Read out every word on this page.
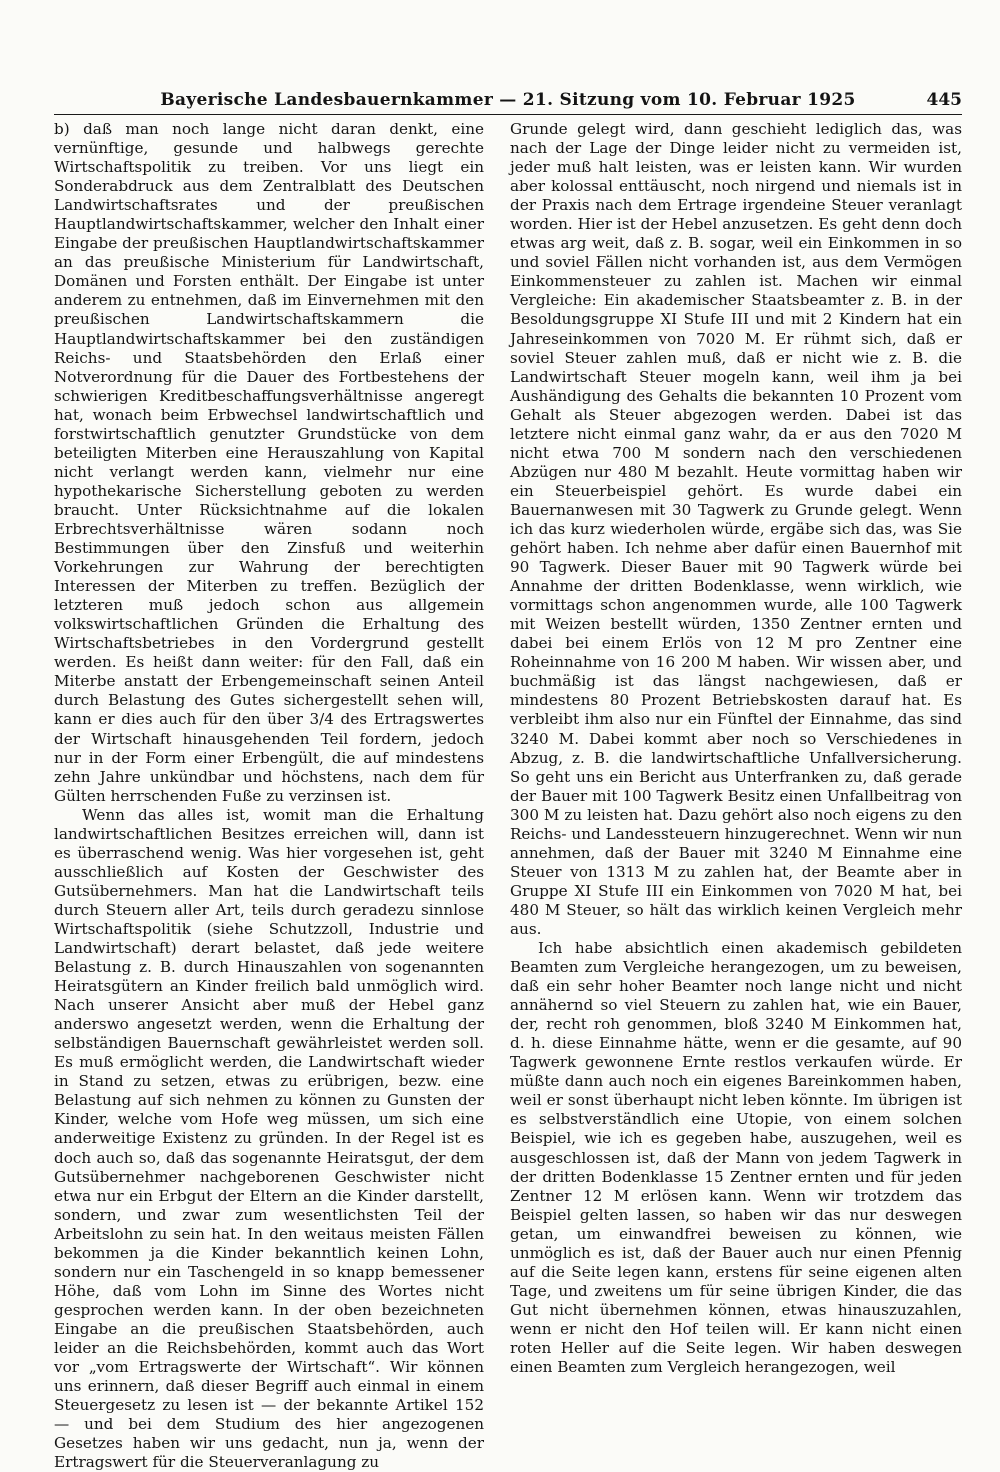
Bayerische Landesbauernkammer — 21. Sitzung vom 10. Februar 1925	445

b) daß man noch lange nicht daran denkt, eine vernünftige, gesunde und halbwegs gerechte Wirtschaftspolitik zu treiben. Vor uns liegt ein Sonderabdruck aus dem Zentralblatt des Deutschen Landwirtschaftsrates und der preußischen Hauptlandwirtschaftskammer, welcher den Inhalt einer Eingabe der preußischen Hauptlandwirtschaftskammer an das preußische Ministerium für Landwirtschaft, Domänen und Forsten enthält. Der Eingabe ist unter anderem zu entnehmen, daß im Einvernehmen mit den preußischen Landwirtschaftskammern die Hauptlandwirtschaftskammer bei den zuständigen Reichs- und Staatsbehörden den Erlaß einer Notverordnung für die Dauer des Fortbestehens der schwierigen Kreditbeschaffungsverhältnisse angeregt hat, wonach beim Erbwechsel landwirtschaftlich und forstwirtschaftlich genutzter Grundstücke von dem beteiligten Miterben eine Herauszahlung von Kapital nicht verlangt werden kann, vielmehr nur eine hypothekarische Sicherstellung geboten zu werden braucht. Unter Rücksichtnahme auf die lokalen Erbrechtsverhältnisse wären sodann noch Bestimmungen über den Zinsfuß und weiterhin Vorkehrungen zur Wahrung der berechtigten Interessen der Miterben zu treffen. Bezüglich der letzteren muß jedoch schon aus allgemein volkswirtschaftlichen Gründen die Erhaltung des Wirtschaftsbetriebes in den Vordergrund gestellt werden. Es heißt dann weiter: für den Fall, daß ein Miterbe anstatt der Erbengemeinschaft seinen Anteil durch Belastung des Gutes sichergestellt sehen will, kann er dies auch für den über 3/4 des Ertragswertes der Wirtschaft hinausgehenden Teil fordern, jedoch nur in der Form einer Erbengült, die auf mindestens zehn Jahre unkündbar und höchstens, nach dem für Gülten herrschenden Fuße zu verzinsen ist.

Wenn das alles ist, womit man die Erhaltung landwirtschaftlichen Besitzes erreichen will, dann ist es überraschend wenig. Was hier vorgesehen ist, geht ausschließlich auf Kosten der Geschwister des Gutsübernehmers. Man hat die Landwirtschaft teils durch Steuern aller Art, teils durch geradezu sinnlose Wirtschaftspolitik (siehe Schutzzoll, Industrie und Landwirtschaft) derart belastet, daß jede weitere Belastung z. B. durch Hinauszahlen von sogenannten Heiratsgütern an Kinder freilich bald unmöglich wird. Nach unserer Ansicht aber muß der Hebel ganz anderswo angesetzt werden, wenn die Erhaltung der selbständigen Bauernschaft gewährleistet werden soll. Es muß ermöglicht werden, die Landwirtschaft wieder in Stand zu setzen, etwas zu erübrigen, bezw. eine Belastung auf sich nehmen zu können zu Gunsten der Kinder, welche vom Hofe weg müssen, um sich eine anderweitige Existenz zu gründen. In der Regel ist es doch auch so, daß das sogenannte Heiratsgut, der dem Gutsübernehmer nachgeborenen Geschwister nicht etwa nur ein Erbgut der Eltern an die Kinder darstellt, sondern, und zwar zum wesentlichsten Teil der Arbeitslohn zu sein hat. In den weitaus meisten Fällen bekommen ja die Kinder bekanntlich keinen Lohn, sondern nur ein Taschengeld in so knapp bemessener Höhe, daß vom Lohn im Sinne des Wortes nicht gesprochen werden kann. In der oben bezeichneten Eingabe an die preußischen Staatsbehörden, auch leider an die Reichsbehörden, kommt auch das Wort vor „vom Ertragswerte der Wirtschaft“. Wir können uns erinnern, daß dieser Begriff auch einmal in einem Steuergesetz zu lesen ist — der bekannte Artikel 152 — und bei dem Studium des hier angezogenen Gesetzes haben wir uns gedacht, nun ja, wenn der Ertragswert für die Steuerveranlagung zu

Grunde gelegt wird, dann geschieht lediglich das, was nach der Lage der Dinge leider nicht zu vermeiden ist, jeder muß halt leisten, was er leisten kann. Wir wurden aber kolossal enttäuscht, noch nirgend und niemals ist in der Praxis nach dem Ertrage irgendeine Steuer veranlagt worden. Hier ist der Hebel anzusetzen. Es geht denn doch etwas arg weit, daß z. B. sogar, weil ein Einkommen in so und soviel Fällen nicht vorhanden ist, aus dem Vermögen Einkommensteuer zu zahlen ist. Machen wir einmal Vergleiche: Ein akademischer Staatsbeamter z. B. in der Besoldungsgruppe XI Stufe III und mit 2 Kindern hat ein Jahreseinkommen von 7020 M. Er rühmt sich, daß er soviel Steuer zahlen muß, daß er nicht wie z. B. die Landwirtschaft Steuer mogeln kann, weil ihm ja bei Aushändigung des Gehalts die bekannten 10 Prozent vom Gehalt als Steuer abgezogen werden. Dabei ist das letztere nicht einmal ganz wahr, da er aus den 7020 M nicht etwa 700 M sondern nach den verschiedenen Abzügen nur 480 M bezahlt. Heute vormittag haben wir ein Steuerbeispiel gehört. Es wurde dabei ein Bauernanwesen mit 30 Tagwerk zu Grunde gelegt. Wenn ich das kurz wiederholen würde, ergäbe sich das, was Sie gehört haben. Ich nehme aber dafür einen Bauernhof mit 90 Tagwerk. Dieser Bauer mit 90 Tagwerk würde bei Annahme der dritten Bodenklasse, wenn wirklich, wie vormittags schon angenommen wurde, alle 100 Tagwerk mit Weizen bestellt würden, 1350 Zentner ernten und dabei bei einem Erlös von 12 M pro Zentner eine Roheinnahme von 16 200 M haben. Wir wissen aber, und buchmäßig ist das längst nachgewiesen, daß er mindestens 80 Prozent Betriebskosten darauf hat. Es verbleibt ihm also nur ein Fünftel der Einnahme, das sind 3240 M. Dabei kommt aber noch so Verschiedenes in Abzug, z. B. die landwirtschaftliche Unfallversicherung. So geht uns ein Bericht aus Unterfranken zu, daß gerade der Bauer mit 100 Tagwerk Besitz einen Unfallbeitrag von 300 M zu leisten hat. Dazu gehört also noch eigens zu den Reichs- und Landessteuern hinzugerechnet. Wenn wir nun annehmen, daß der Bauer mit 3240 M Einnahme eine Steuer von 1313 M zu zahlen hat, der Beamte aber in Gruppe XI Stufe III ein Einkommen von 7020 M hat, bei 480 M Steuer, so hält das wirklich keinen Vergleich mehr aus.

Ich habe absichtlich einen akademisch gebildeten Beamten zum Vergleiche herangezogen, um zu beweisen, daß ein sehr hoher Beamter noch lange nicht und nicht annähernd so viel Steuern zu zahlen hat, wie ein Bauer, der, recht roh genommen, bloß 3240 M Einkommen hat, d. h. diese Einnahme hätte, wenn er die gesamte, auf 90 Tagwerk gewonnene Ernte restlos verkaufen würde. Er müßte dann auch noch ein eigenes Bareinkommen haben, weil er sonst überhaupt nicht leben könnte. Im übrigen ist es selbstverständlich eine Utopie, von einem solchen Beispiel, wie ich es gegeben habe, auszugehen, weil es ausgeschlossen ist, daß der Mann von jedem Tagwerk in der dritten Bodenklasse 15 Zentner ernten und für jeden Zentner 12 M erlösen kann. Wenn wir trotzdem das Beispiel gelten lassen, so haben wir das nur deswegen getan, um einwandfrei beweisen zu können, wie unmöglich es ist, daß der Bauer auch nur einen Pfennig auf die Seite legen kann, erstens für seine eigenen alten Tage, und zweitens um für seine übrigen Kinder, die das Gut nicht übernehmen können, etwas hinauszuzahlen, wenn er nicht den Hof teilen will. Er kann nicht einen roten Heller auf die Seite legen. Wir haben deswegen einen Beamten zum Vergleich herangezogen, weil
